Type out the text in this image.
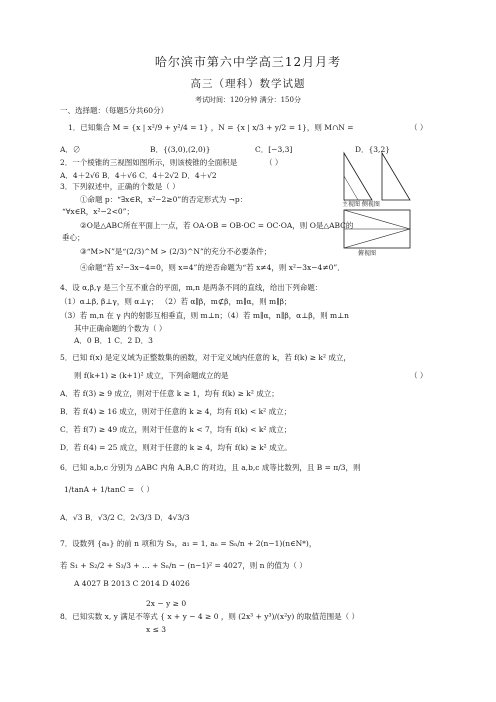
哈尔滨市第六中学高三12月月考
高三（理科）数学试题
考试时间：120分钟 满分：150分
一、选择题：（每题5分共60分）
1．已知集合 M = {x | x²/9 + y²/4 = 1} ，N = {x | x/3 + y/2 = 1}，则 M∩N =	（ ）
A．∅	B．{(3,0),(2,0)}	C．[−3,3]	D．{3,2}
2．一个棱锥的三视图如图所示，则该棱锥的全面积是	（ ）
A．4＋2√6 B．4＋√6 C．4＋2√2 D．4＋√2
主视图 侧视图
俯视图
3．下列叙述中，正确的个数是（ ）
①命题 p：“∃x∈R，x²−2≥0”的否定形式为 ¬p：
“∀x∈R，x²−2<0”；
②O是△ABC所在平面上一点，若 OA·OB = OB·OC = OC·OA，则 O是△ABC的
垂心；
③“M>N”是“(2/3)^M > (2/3)^N”的充分不必要条件；
④命题“若 x²−3x−4=0，则 x=4”的逆否命题为“若 x≠4，则 x²−3x−4≠0”．
4、设 α,β,γ 是三个互不重合的平面，m,n 是两条不同的直线，给出下列命题：
（1）α⊥β, β⊥γ，则 α⊥γ； （2）若 α∥β，m⊄β，m∥α，则 m∥β；
（3）若 m,n 在 γ 内的射影互相垂直，则 m⊥n；（4）若 m∥α，n∥β，α⊥β，则 m⊥n
其中正确命题的个数为（ ）
A．0 B．1 C．2 D．3
5．已知 f(x) 是定义域为正整数集的函数，对于定义域内任意的 k，若 f(k) ≥ k² 成立，
则 f(k+1) ≥ (k+1)² 成立，下列命题成立的是	（ ）
A．若 f(3) ≥ 9 成立，则对于任意 k ≥ 1，均有 f(k) ≥ k² 成立；
B．若 f(4) ≥ 16 成立，则对于任意的 k ≥ 4，均有 f(k) < k² 成立；
C．若 f(7) ≥ 49 成立，则对于任意的 k < 7，均有 f(k) < k² 成立；
D．若 f(4) = 25 成立，则对于任意的 k ≥ 4，均有 f(k) ≥ k² 成立。
6．已知 a,b,c 分别为 △ABC 内角 A,B,C 的对边，且 a,b,c 成等比数列，且 B = π/3，则
1/tanA + 1/tanC = （ ）
A．√3 B．√3/2 C．2√3/3 D．4√3/3
7．设数列 {aₙ} 的前 n 项和为 Sₙ，a₁ = 1, aₙ = Sₙ/n + 2(n−1)(n∈N*)，
若 S₁ + S₂/2 + S₃/3 + … + Sₙ/n − (n−1)² = 4027，则 n 的值为（ ）
A 4027 B 2013 C 2014 D 4026
2x − y ≥ 0
8．已知实数 x, y 满足不等式 { x + y − 4 ≥ 0 ，则 (2x³ + y³)/(x²y) 的取值范围是（ ）
x ≤ 3
